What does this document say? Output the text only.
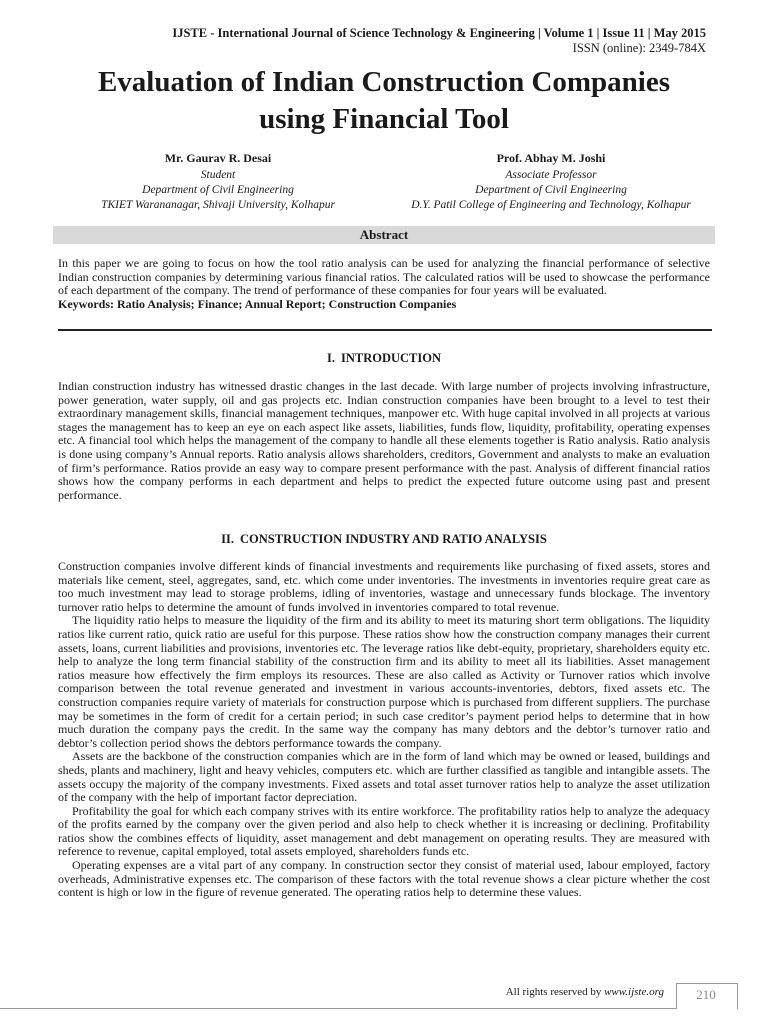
IJSTE - International Journal of Science Technology & Engineering | Volume 1 | Issue 11 | May 2015
ISSN (online): 2349-784X
Evaluation of Indian Construction Companies
using Financial Tool
Mr. Gaurav R. Desai
Student
Department of Civil Engineering
TKIET Warananagar, Shivaji University, Kolhapur
Prof. Abhay M. Joshi
Associate Professor
Department of Civil Engineering
D.Y. Patil College of Engineering and Technology, Kolhapur
Abstract
In this paper we are going to focus on how the tool ratio analysis can be used for analyzing the financial performance of selective Indian construction companies by determining various financial ratios. The calculated ratios will be used to showcase the performance of each department of the company. The trend of performance of these companies for four years will be evaluated.
Keywords: Ratio Analysis; Finance; Annual Report; Construction Companies
I. INTRODUCTION
Indian construction industry has witnessed drastic changes in the last decade. With large number of projects involving infrastructure, power generation, water supply, oil and gas projects etc. Indian construction companies have been brought to a level to test their extraordinary management skills, financial management techniques, manpower etc. With huge capital involved in all projects at various stages the management has to keep an eye on each aspect like assets, liabilities, funds flow, liquidity, profitability, operating expenses etc. A financial tool which helps the management of the company to handle all these elements together is Ratio analysis. Ratio analysis is done using company’s Annual reports. Ratio analysis allows shareholders, creditors, Government and analysts to make an evaluation of firm’s performance. Ratios provide an easy way to compare present performance with the past. Analysis of different financial ratios shows how the company performs in each department and helps to predict the expected future outcome using past and present performance.
II. CONSTRUCTION INDUSTRY AND RATIO ANALYSIS
Construction companies involve different kinds of financial investments and requirements like purchasing of fixed assets, stores and materials like cement, steel, aggregates, sand, etc. which come under inventories. The investments in inventories require great care as too much investment may lead to storage problems, idling of inventories, wastage and unnecessary funds blockage. The inventory turnover ratio helps to determine the amount of funds involved in inventories compared to total revenue.
The liquidity ratio helps to measure the liquidity of the firm and its ability to meet its maturing short term obligations. The liquidity ratios like current ratio, quick ratio are useful for this purpose. These ratios show how the construction company manages their current assets, loans, current liabilities and provisions, inventories etc. The leverage ratios like debt-equity, proprietary, shareholders equity etc. help to analyze the long term financial stability of the construction firm and its ability to meet all its liabilities. Asset management ratios measure how effectively the firm employs its resources. These are also called as Activity or Turnover ratios which involve comparison between the total revenue generated and investment in various accounts-inventories, debtors, fixed assets etc. The construction companies require variety of materials for construction purpose which is purchased from different suppliers. The purchase may be sometimes in the form of credit for a certain period; in such case creditor’s payment period helps to determine that in how much duration the company pays the credit. In the same way the company has many debtors and the debtor’s turnover ratio and debtor’s collection period shows the debtors performance towards the company.
Assets are the backbone of the construction companies which are in the form of land which may be owned or leased, buildings and sheds, plants and machinery, light and heavy vehicles, computers etc. which are further classified as tangible and intangible assets. The assets occupy the majority of the company investments. Fixed assets and total asset turnover ratios help to analyze the asset utilization of the company with the help of important factor depreciation.
Profitability the goal for which each company strives with its entire workforce. The profitability ratios help to analyze the adequacy of the profits earned by the company over the given period and also help to check whether it is increasing or declining. Profitability ratios show the combines effects of liquidity, asset management and debt management on operating results. They are measured with reference to revenue, capital employed, total assets employed, shareholders funds etc.
Operating expenses are a vital part of any company. In construction sector they consist of material used, labour employed, factory overheads, Administrative expenses etc. The comparison of these factors with the total revenue shows a clear picture whether the cost content is high or low in the figure of revenue generated. The operating ratios help to determine these values.
All rights reserved by www.ijste.org	210
